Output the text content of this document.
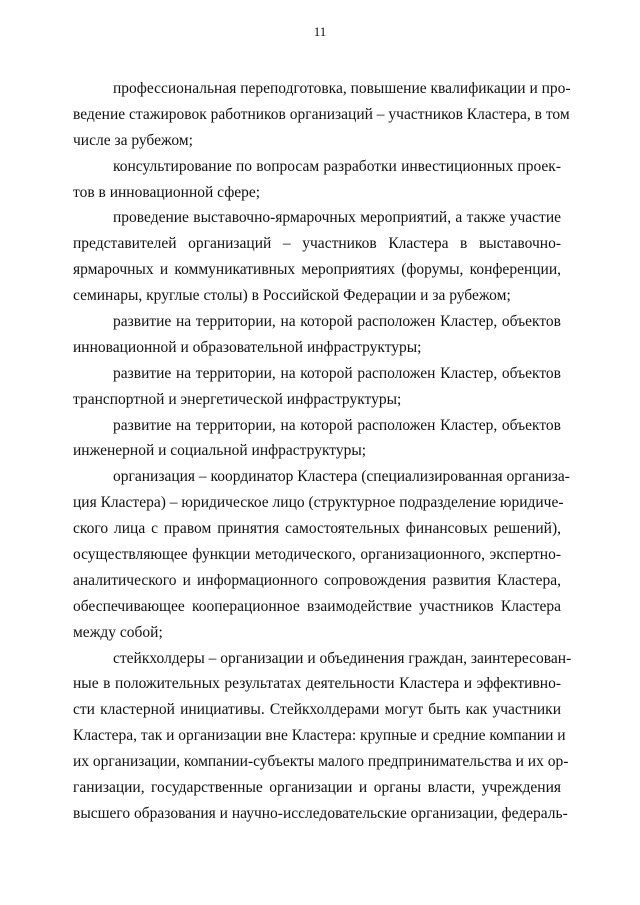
11

профессиональная переподготовка, повышение квалификации и про-
ведение стажировок работников организаций – участников Кластера, в том
числе за рубежом;

консультирование по вопросам разработки инвестиционных проек-
тов в инновационной сфере;

проведение выставочно-ярмарочных мероприятий, а также участие
представителей организаций – участников Кластера в выставочно-
ярмарочных и коммуникативных мероприятиях (форумы, конференции,
семинары, круглые столы) в Российской Федерации и за рубежом;

развитие на территории, на которой расположен Кластер, объектов
инновационной и образовательной инфраструктуры;

развитие на территории, на которой расположен Кластер, объектов
транспортной и энергетической инфраструктуры;

развитие на территории, на которой расположен Кластер, объектов
инженерной и социальной инфраструктуры;

организация – координатор Кластера (специализированная организа-
ция Кластера) – юридическое лицо (структурное подразделение юридиче-
ского лица с правом принятия самостоятельных финансовых решений),
осуществляющее функции методического, организационного, экспертно-
аналитического и информационного сопровождения развития Кластера,
обеспечивающее кооперационное взаимодействие участников Кластера
между собой;

стейкхолдеры – организации и объединения граждан, заинтересован-
ные в положительных результатах деятельности Кластера и эффективно-
сти кластерной инициативы. Стейкхолдерами могут быть как участники
Кластера, так и организации вне Кластера: крупные и средние компании и
их организации, компании-субъекты малого предпринимательства и их ор-
ганизации, государственные организации и органы власти, учреждения
высшего образования и научно-исследовательские организации, федераль-
